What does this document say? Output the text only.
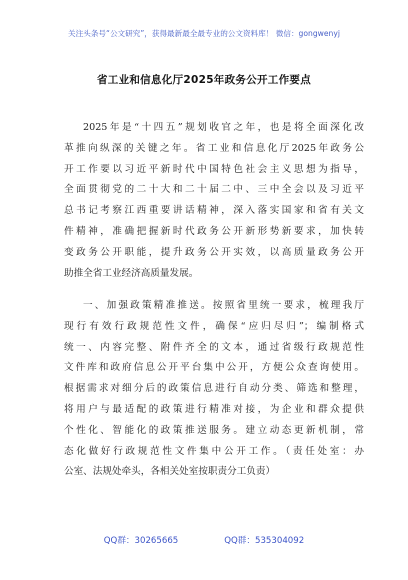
关注头条号“公文研究”，获得最新最全最专业的公文资料库！ 微信：gongwenyj
省工业和信息化厅2025年政务公开工作要点
2025年是“十四五”规划收官之年，也是将全面深化改
革推向纵深的关键之年。省工业和信息化厅2025年政务公
开工作要以习近平新时代中国特色社会主义思想为指导，
全面贯彻党的二十大和二十届二中、三中全会以及习近平
总书记考察江西重要讲话精神，深入落实国家和省有关文
件精神，准确把握新时代政务公开新形势新要求，加快转
变政务公开职能，提升政务公开实效，以高质量政务公开
助推全省工业经济高质量发展。
一、加强政策精准推送。按照省里统一要求，梳理我厅
现行有效行政规范性文件，确保“应归尽归”；编制格式
统一、内容完整、附件齐全的文本，通过省级行政规范性
文件库和政府信息公开平台集中公开，方便公众查询使用。
根据需求对细分后的政策信息进行自动分类、筛选和整理，
将用户与最适配的政策进行精准对接，为企业和群众提供
个性化、智能化的政策推送服务。建立动态更新机制，常
态化做好行政规范性文件集中公开工作。（责任处室：办
公室、法规处牵头，各相关处室按职责分工负责）
QQ群：30265665	QQ群：535304092
